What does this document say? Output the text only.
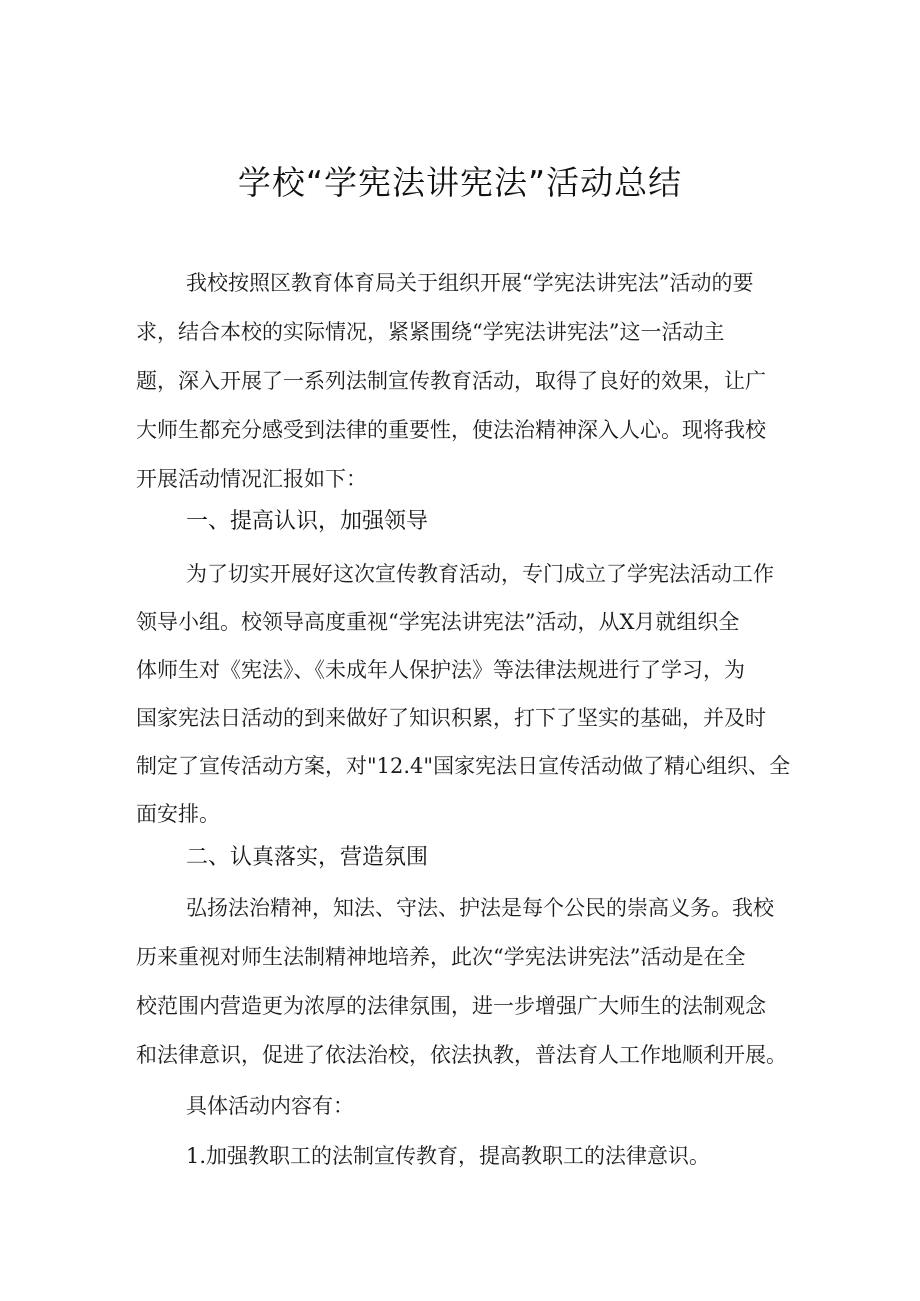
学校“学宪法讲宪法”活动总结
我校按照区教育体育局关于组织开展“学宪法讲宪法”活动的要
求，结合本校的实际情况，紧紧围绕“学宪法讲宪法”这一活动主
题，深入开展了一系列法制宣传教育活动，取得了良好的效果，让广
大师生都充分感受到法律的重要性，使法治精神深入人心。现将我校
开展活动情况汇报如下：
一、提高认识，加强领导
为了切实开展好这次宣传教育活动，专门成立了学宪法活动工作
领导小组。校领导高度重视“学宪法讲宪法”活动，从X月就组织全
体师生对《宪法》、《未成年人保护法》等法律法规进行了学习，为
国家宪法日活动的到来做好了知识积累，打下了坚实的基础，并及时
制定了宣传活动方案，对"12.4"国家宪法日宣传活动做了精心组织、全
面安排。
二、认真落实，营造氛围
弘扬法治精神，知法、守法、护法是每个公民的崇高义务。我校
历来重视对师生法制精神地培养，此次“学宪法讲宪法”活动是在全
校范围内营造更为浓厚的法律氛围，进一步增强广大师生的法制观念
和法律意识，促进了依法治校，依法执教，普法育人工作地顺利开展。
具体活动内容有：
1.加强教职工的法制宣传教育，提高教职工的法律意识。
